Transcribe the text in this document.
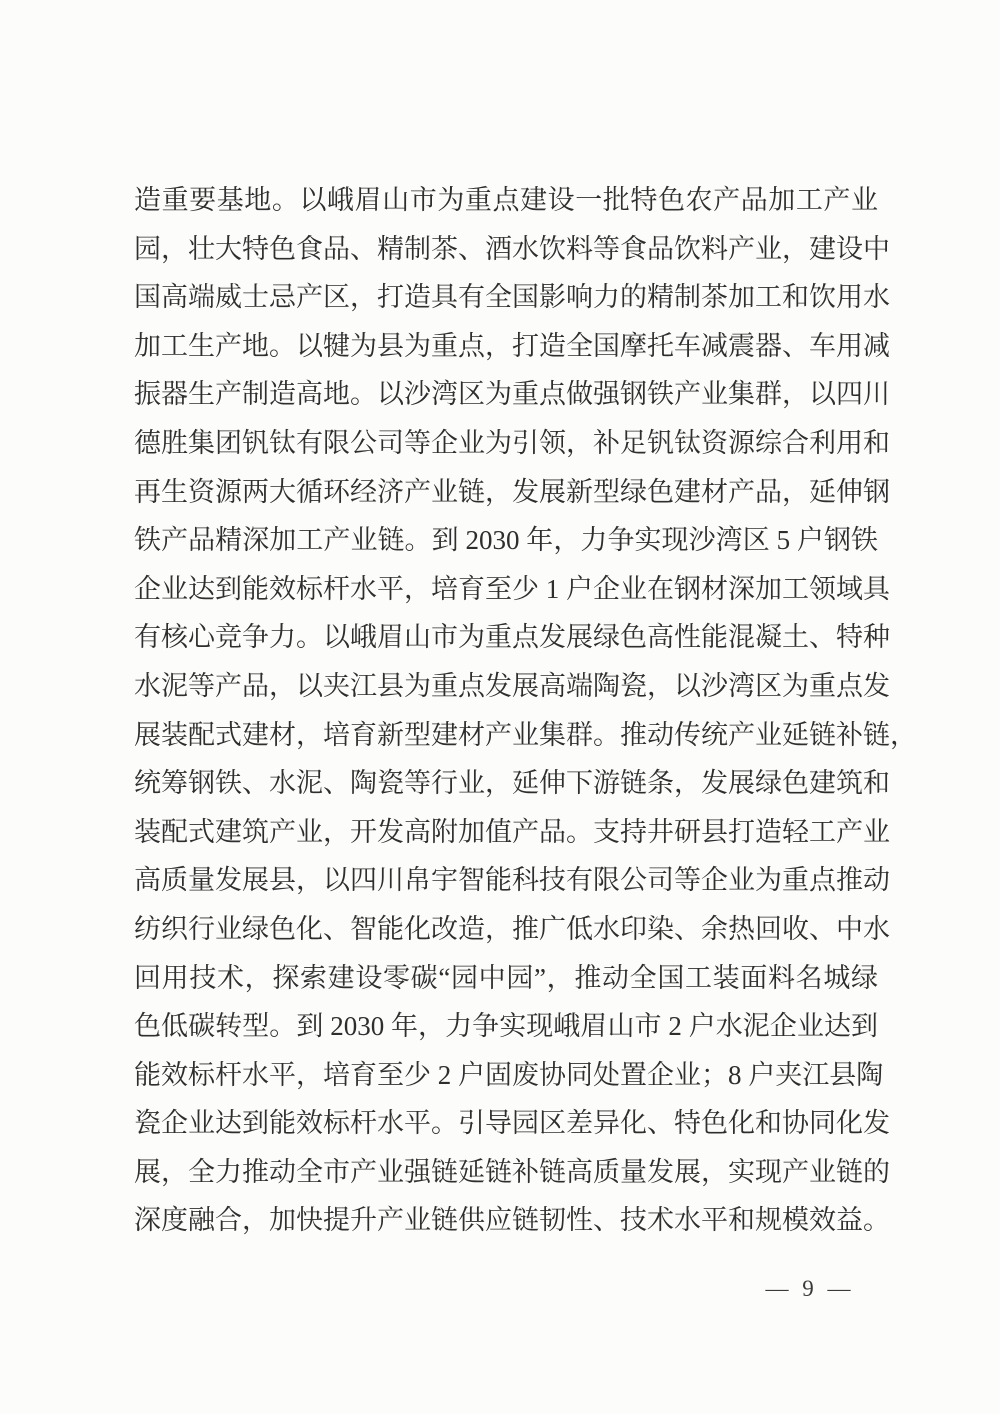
造重要基地。以峨眉山市为重点建设一批特色农产品加工产业
园，壮大特色食品、精制茶、酒水饮料等食品饮料产业，建设中
国高端威士忌产区，打造具有全国影响力的精制茶加工和饮用水
加工生产地。以犍为县为重点，打造全国摩托车减震器、车用减
振器生产制造高地。以沙湾区为重点做强钢铁产业集群，以四川
德胜集团钒钛有限公司等企业为引领，补足钒钛资源综合利用和
再生资源两大循环经济产业链，发展新型绿色建材产品，延伸钢
铁产品精深加工产业链。到 2030 年，力争实现沙湾区 5 户钢铁
企业达到能效标杆水平，培育至少 1 户企业在钢材深加工领域具
有核心竞争力。以峨眉山市为重点发展绿色高性能混凝土、特种
水泥等产品，以夹江县为重点发展高端陶瓷，以沙湾区为重点发
展装配式建材，培育新型建材产业集群。推动传统产业延链补链，
统筹钢铁、水泥、陶瓷等行业，延伸下游链条，发展绿色建筑和
装配式建筑产业，开发高附加值产品。支持井研县打造轻工产业
高质量发展县，以四川帛宇智能科技有限公司等企业为重点推动
纺织行业绿色化、智能化改造，推广低水印染、余热回收、中水
回用技术，探索建设零碳“园中园”，推动全国工装面料名城绿
色低碳转型。到 2030 年，力争实现峨眉山市 2 户水泥企业达到
能效标杆水平，培育至少 2 户固废协同处置企业；8 户夹江县陶
瓷企业达到能效标杆水平。引导园区差异化、特色化和协同化发
展，全力推动全市产业强链延链补链高质量发展，实现产业链的
深度融合，加快提升产业链供应链韧性、技术水平和规模效益。
— 9 —
